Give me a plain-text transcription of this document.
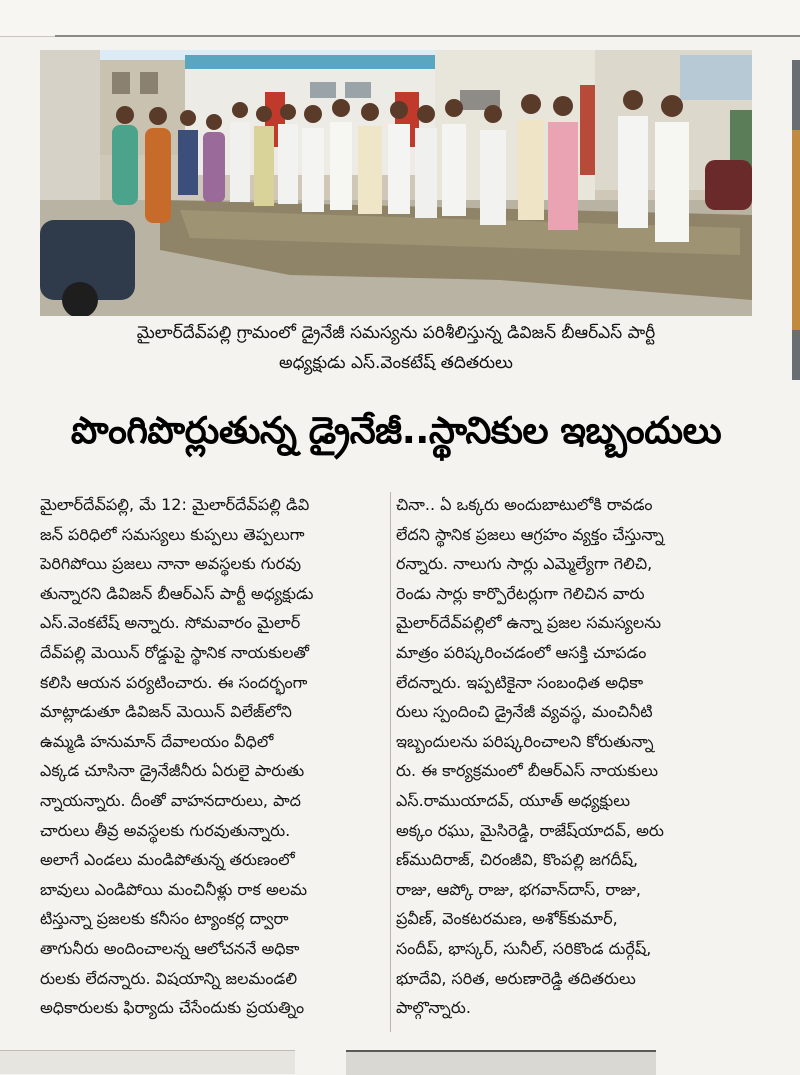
మైలార్‌దేవ్‌పల్లి గ్రామంలో డ్రైనేజీ సమస్యను పరిశీలిస్తున్న డివిజన్ బీఆర్ఎస్ పార్టీ
అధ్యక్షుడు ఎస్.వెంకటేష్ తదితరులు
పొంగిపొర్లుతున్న డ్రైనేజీ..స్థానికుల ఇబ్బందులు
మైలార్‌దేవ్‌పల్లి, మే 12: మైలార్‌దేవ్‌పల్లి డివి
జన్ పరిధిలో సమస్యలు కుప్పలు తెప్పలుగా
పెరిగిపోయి ప్రజలు నానా అవస్థలకు గురవు
తున్నారని డివిజన్ బీఆర్ఎస్ పార్టీ అధ్యక్షుడు
ఎస్.వెంకటేష్ అన్నారు. సోమవారం మైలార్
దేవ్‌పల్లి మెయిన్ రోడ్డుపై స్థానిక నాయకులతో
కలిసి ఆయన పర్యటించారు. ఈ సందర్భంగా
మాట్లాడుతూ డివిజన్ మెయిన్ విలేజ్‌లోని
ఉమ్మడి హనుమాన్ దేవాలయం వీధిలో
ఎక్కడ చూసినా డ్రైనేజీనీరు ఏరులై పారుతు
న్నాయన్నారు. దీంతో వాహనదారులు, పాద
చారులు తీవ్ర అవస్థలకు గురవుతున్నారు.
అలాగే ఎండలు మండిపోతున్న తరుణంలో
బావులు ఎండిపోయి మంచినీళ్లు రాక అలమ
టిస్తున్నా ప్రజలకు కనీసం ట్యాంకర్ల ద్వారా
తాగునీరు అందించాలన్న ఆలోచననే అధికా
రులకు లేదన్నారు. విషయాన్ని జలమండలి
అధికారులకు ఫిర్యాదు చేసేందుకు ప్రయత్నిం
చినా.. ఏ ఒక్కరు అందుబాటులోకి రావడం
లేదని స్థానిక ప్రజలు ఆగ్రహం వ్యక్తం చేస్తున్నా
రన్నారు. నాలుగు సార్లు ఎమ్మెల్యేగా గెలిచి,
రెండు సార్లు కార్పొరేటర్లుగా గెలిచిన వారు
మైలార్‌దేవ్‌పల్లిలో ఉన్నా ప్రజల సమస్యలను
మాత్రం పరిష్కరించడంలో ఆసక్తి చూపడం
లేదన్నారు. ఇప్పటికైనా సంబంధిత అధికా
రులు స్పందించి డ్రైనేజీ వ్యవస్థ, మంచినీటి
ఇబ్బందులను పరిష్కరించాలని కోరుతున్నా
రు. ఈ కార్యక్రమంలో బీఆర్ఎస్ నాయకులు
ఎస్.రాముయాదవ్, యూత్ అధ్యక్షులు
అక్కం రఘు, మైసిరెడ్డి, రాజేష్‌యాదవ్, అరు
ణ్‌ముదిరాజ్, చిరంజీవి, కొంపల్లి జగదీష్,
రాజు, ఆప్కో రాజు, భగవాన్‌దాస్, రాజు,
ప్రవీణ్, వెంకటరమణ, అశోక్‌కుమార్,
సందీప్, భాస్కర్, సునీల్, సరికొండ దుర్గేష్,
భూదేవి, సరిత, అరుణారెడ్డి తదితరులు
పాల్గొన్నారు.
